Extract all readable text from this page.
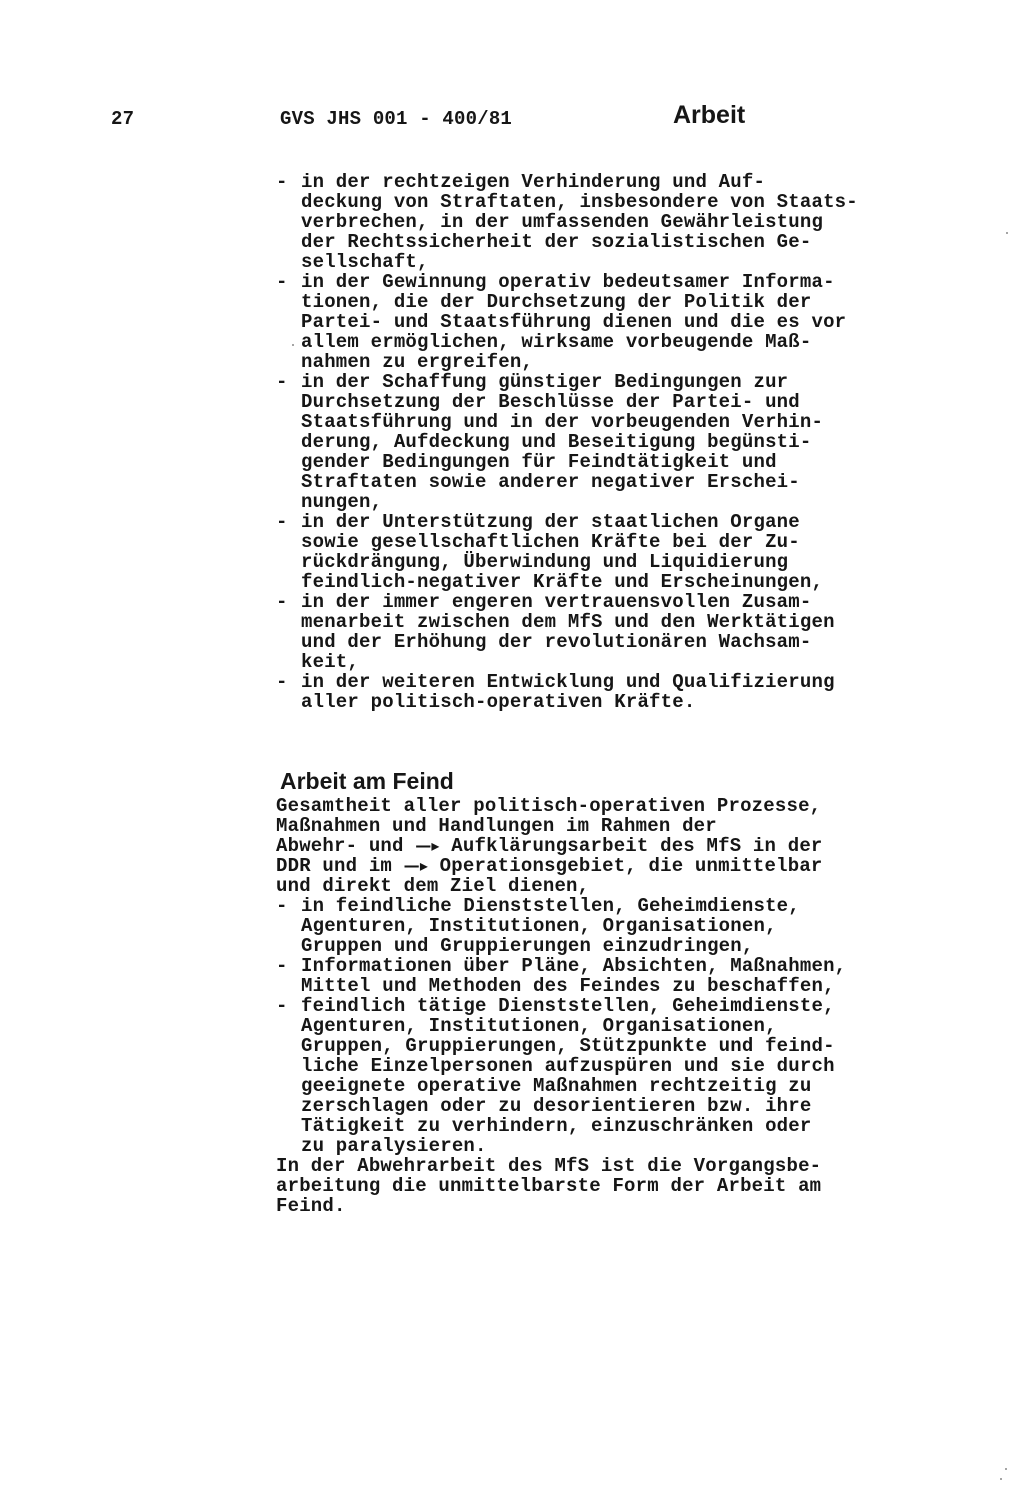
27	GVS JHS 001 - 400/81	Arbeit
- in der rechtzeigen Verhinderung und Auf-
deckung von Straftaten, insbesondere von Staats-
verbrechen, in der umfassenden Gewährleistung
der Rechtssicherheit der sozialistischen Ge-
sellschaft,
- in der Gewinnung operativ bedeutsamer Informa-
tionen, die der Durchsetzung der Politik der
Partei- und Staatsführung dienen und die es vor
allem ermöglichen, wirksame vorbeugende Maß-
nahmen zu ergreifen,
- in der Schaffung günstiger Bedingungen zur
Durchsetzung der Beschlüsse der Partei- und
Staatsführung und in der vorbeugenden Verhin-
derung, Aufdeckung und Beseitigung begünsti-
gender Bedingungen für Feindtätigkeit und
Straftaten sowie anderer negativer Erschei-
nungen,
- in der Unterstützung der staatlichen Organe
sowie gesellschaftlichen Kräfte bei der Zu-
rückdrängung, Überwindung und Liquidierung
feindlich-negativer Kräfte und Erscheinungen,
- in der immer engeren vertrauensvollen Zusam-
menarbeit zwischen dem MfS und den Werktätigen
und der Erhöhung der revolutionären Wachsam-
keit,
- in der weiteren Entwicklung und Qualifizierung
aller politisch-operativen Kräfte.
Arbeit am Feind
Gesamtheit aller politisch-operativen Prozesse,
Maßnahmen und Handlungen im Rahmen der
Abwehr- und —▸ Aufklärungsarbeit des MfS in der
DDR und im —▸ Operationsgebiet, die unmittelbar
und direkt dem Ziel dienen,
- in feindliche Dienststellen, Geheimdienste,
Agenturen, Institutionen, Organisationen,
Gruppen und Gruppierungen einzudringen,
- Informationen über Pläne, Absichten, Maßnahmen,
Mittel und Methoden des Feindes zu beschaffen,
- feindlich tätige Dienststellen, Geheimdienste,
Agenturen, Institutionen, Organisationen,
Gruppen, Gruppierungen, Stützpunkte und feind-
liche Einzelpersonen aufzuspüren und sie durch
geeignete operative Maßnahmen rechtzeitig zu
zerschlagen oder zu desorientieren bzw. ihre
Tätigkeit zu verhindern, einzuschränken oder
zu paralysieren.
In der Abwehrarbeit des MfS ist die Vorgangsbe-
arbeitung die unmittelbarste Form der Arbeit am
Feind.
